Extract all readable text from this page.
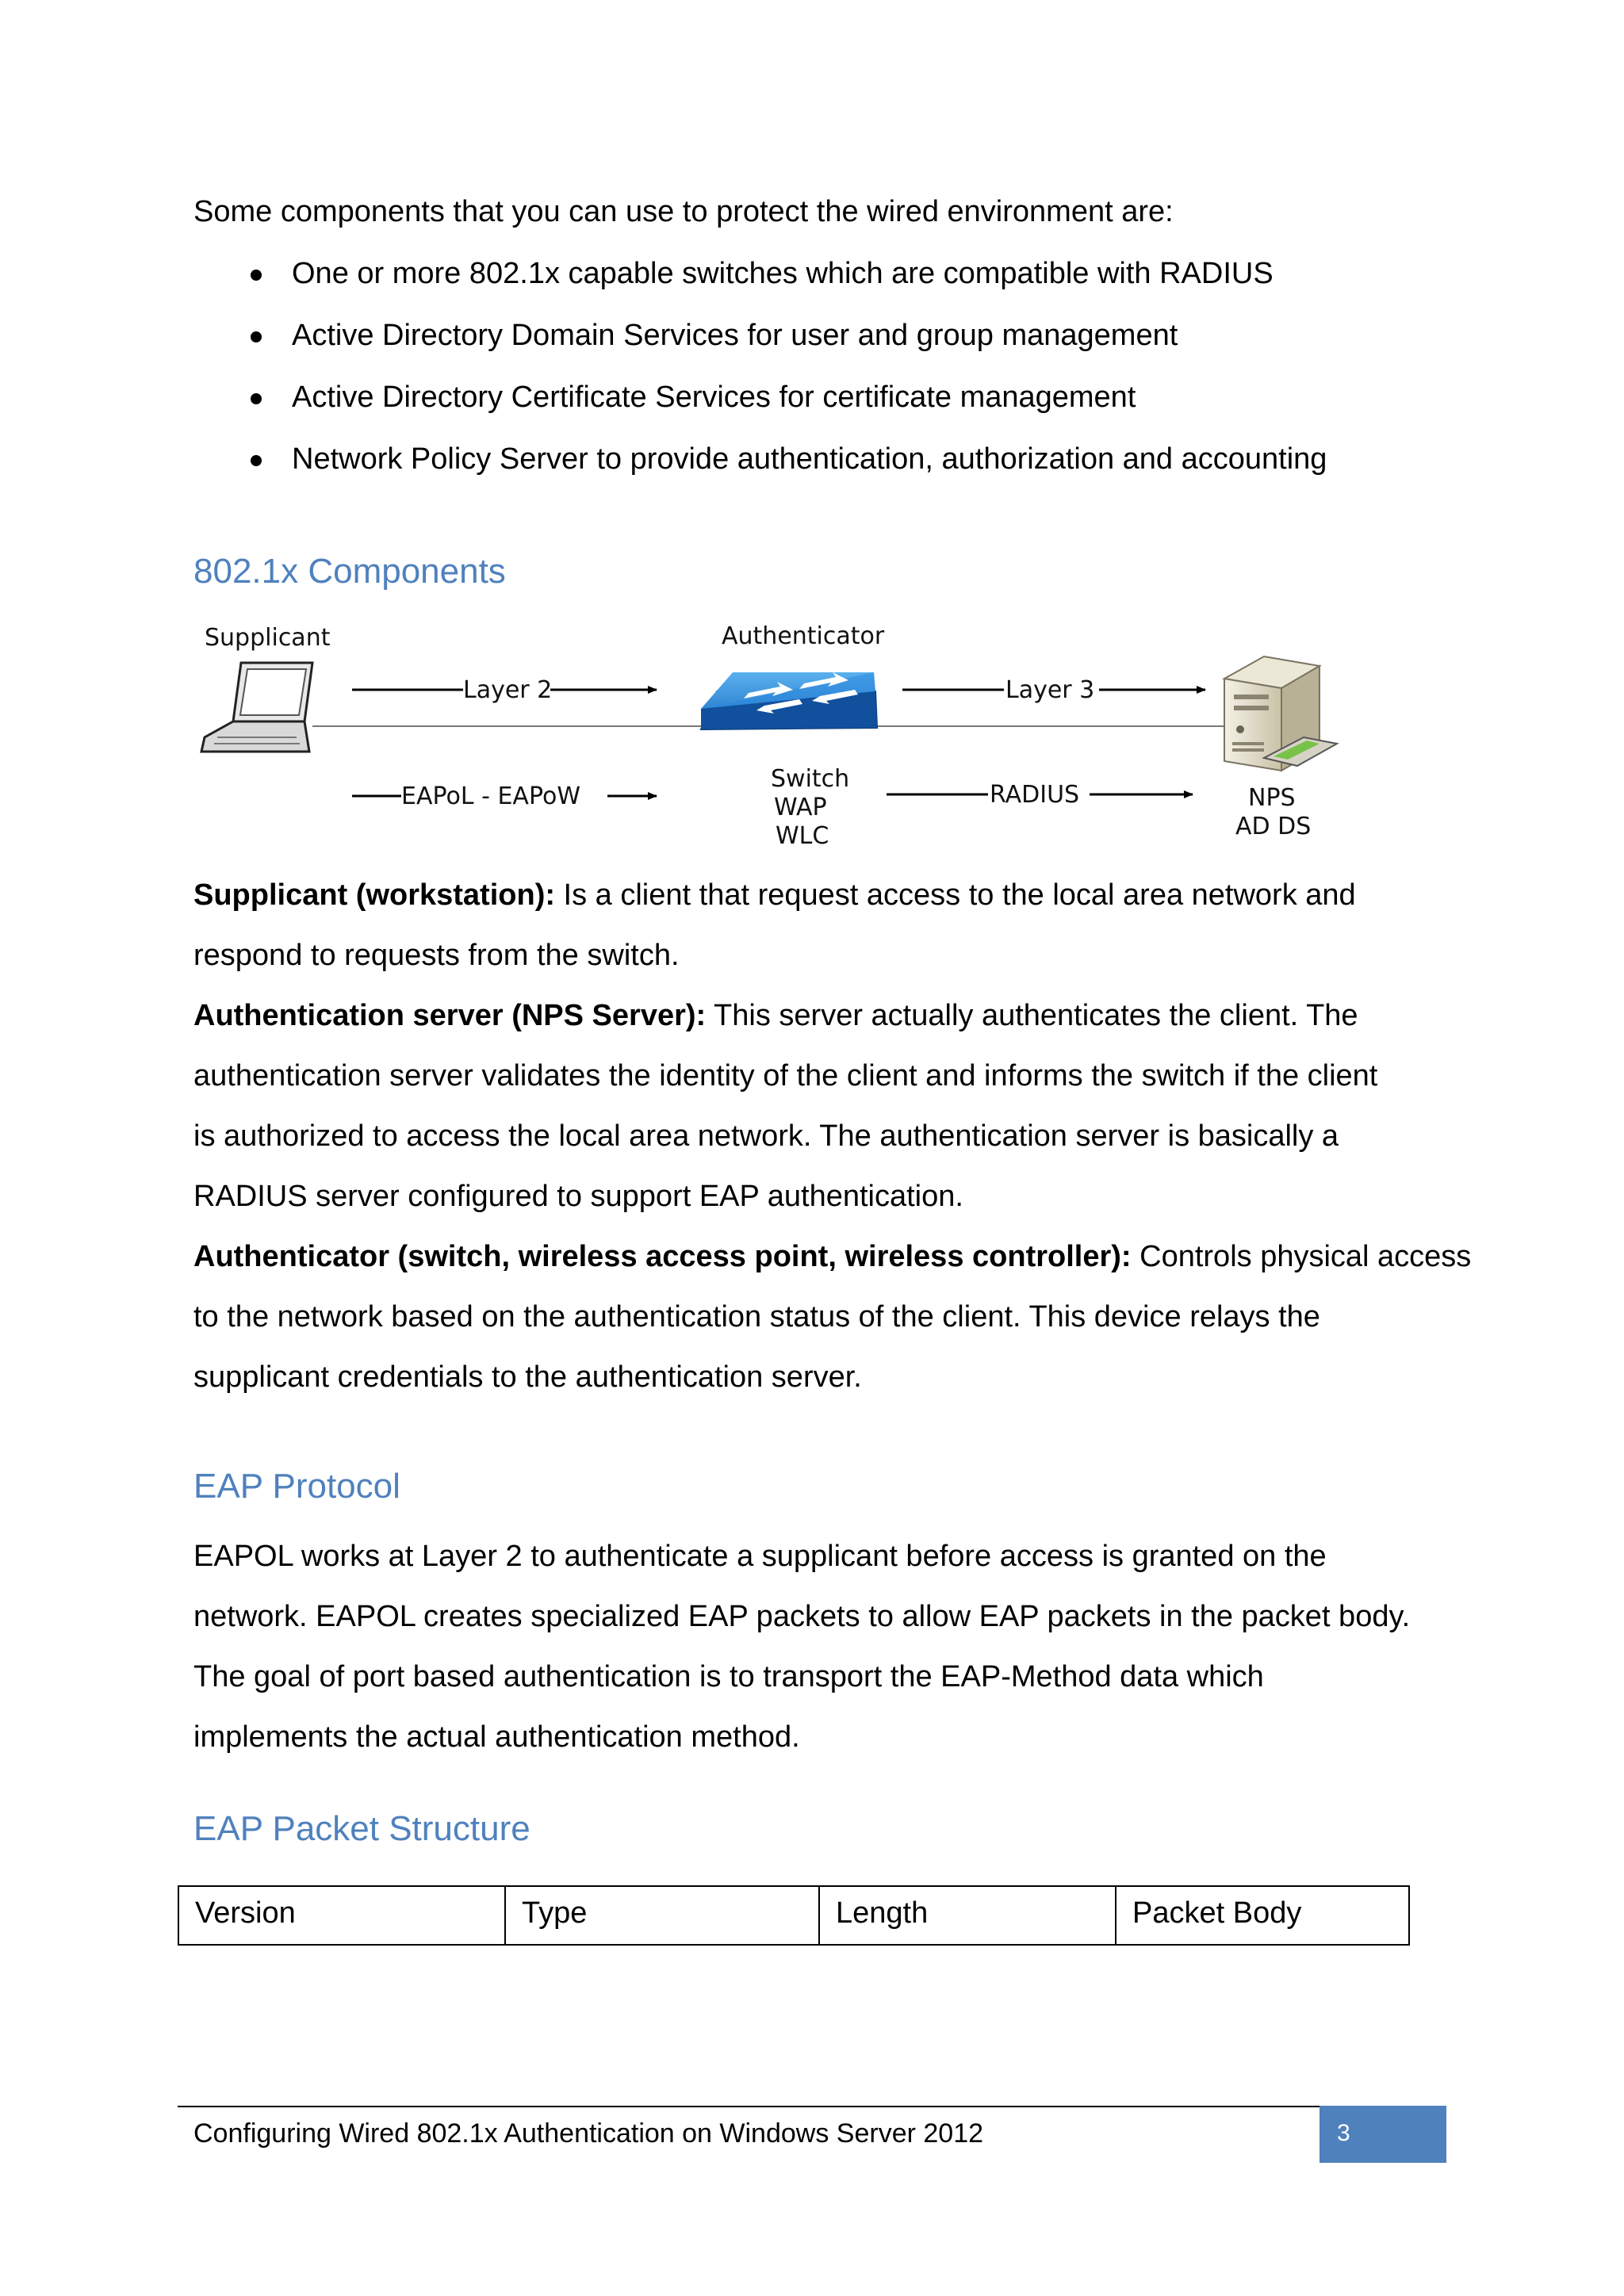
Some components that you can use to protect the wired environment are:
One or more 802.1x capable switches which are compatible with RADIUS
Active Directory Domain Services for user and group management
Active Directory Certificate Services for certificate management
Network Policy Server to provide authentication, authorization and accounting
802.1x Components
Supplicant	Authenticator
Layer 2
EAPoL - EAPoW
Switch
WAP
WLC
Layer 3
RADIUS	NPS
AD DS
Supplicant (workstation): Is a client that request access to the local area network and
respond to requests from the switch.
Authentication server (NPS Server): This server actually authenticates the client. The
authentication server validates the identity of the client and informs the switch if the client
is authorized to access the local area network. The authentication server is basically a
RADIUS server configured to support EAP authentication.
Authenticator (switch, wireless access point, wireless controller): Controls physical access
to the network based on the authentication status of the client. This device relays the
supplicant credentials to the authentication server.
EAP Protocol
EAPOL works at Layer 2 to authenticate a supplicant before access is granted on the
network. EAPOL creates specialized EAP packets to allow EAP packets in the packet body.
The goal of port based authentication is to transport the EAP-Method data which
implements the actual authentication method.
EAP Packet Structure
Version	Type	Length	Packet Body
Configuring Wired 802.1x Authentication on Windows Server 2012	3
